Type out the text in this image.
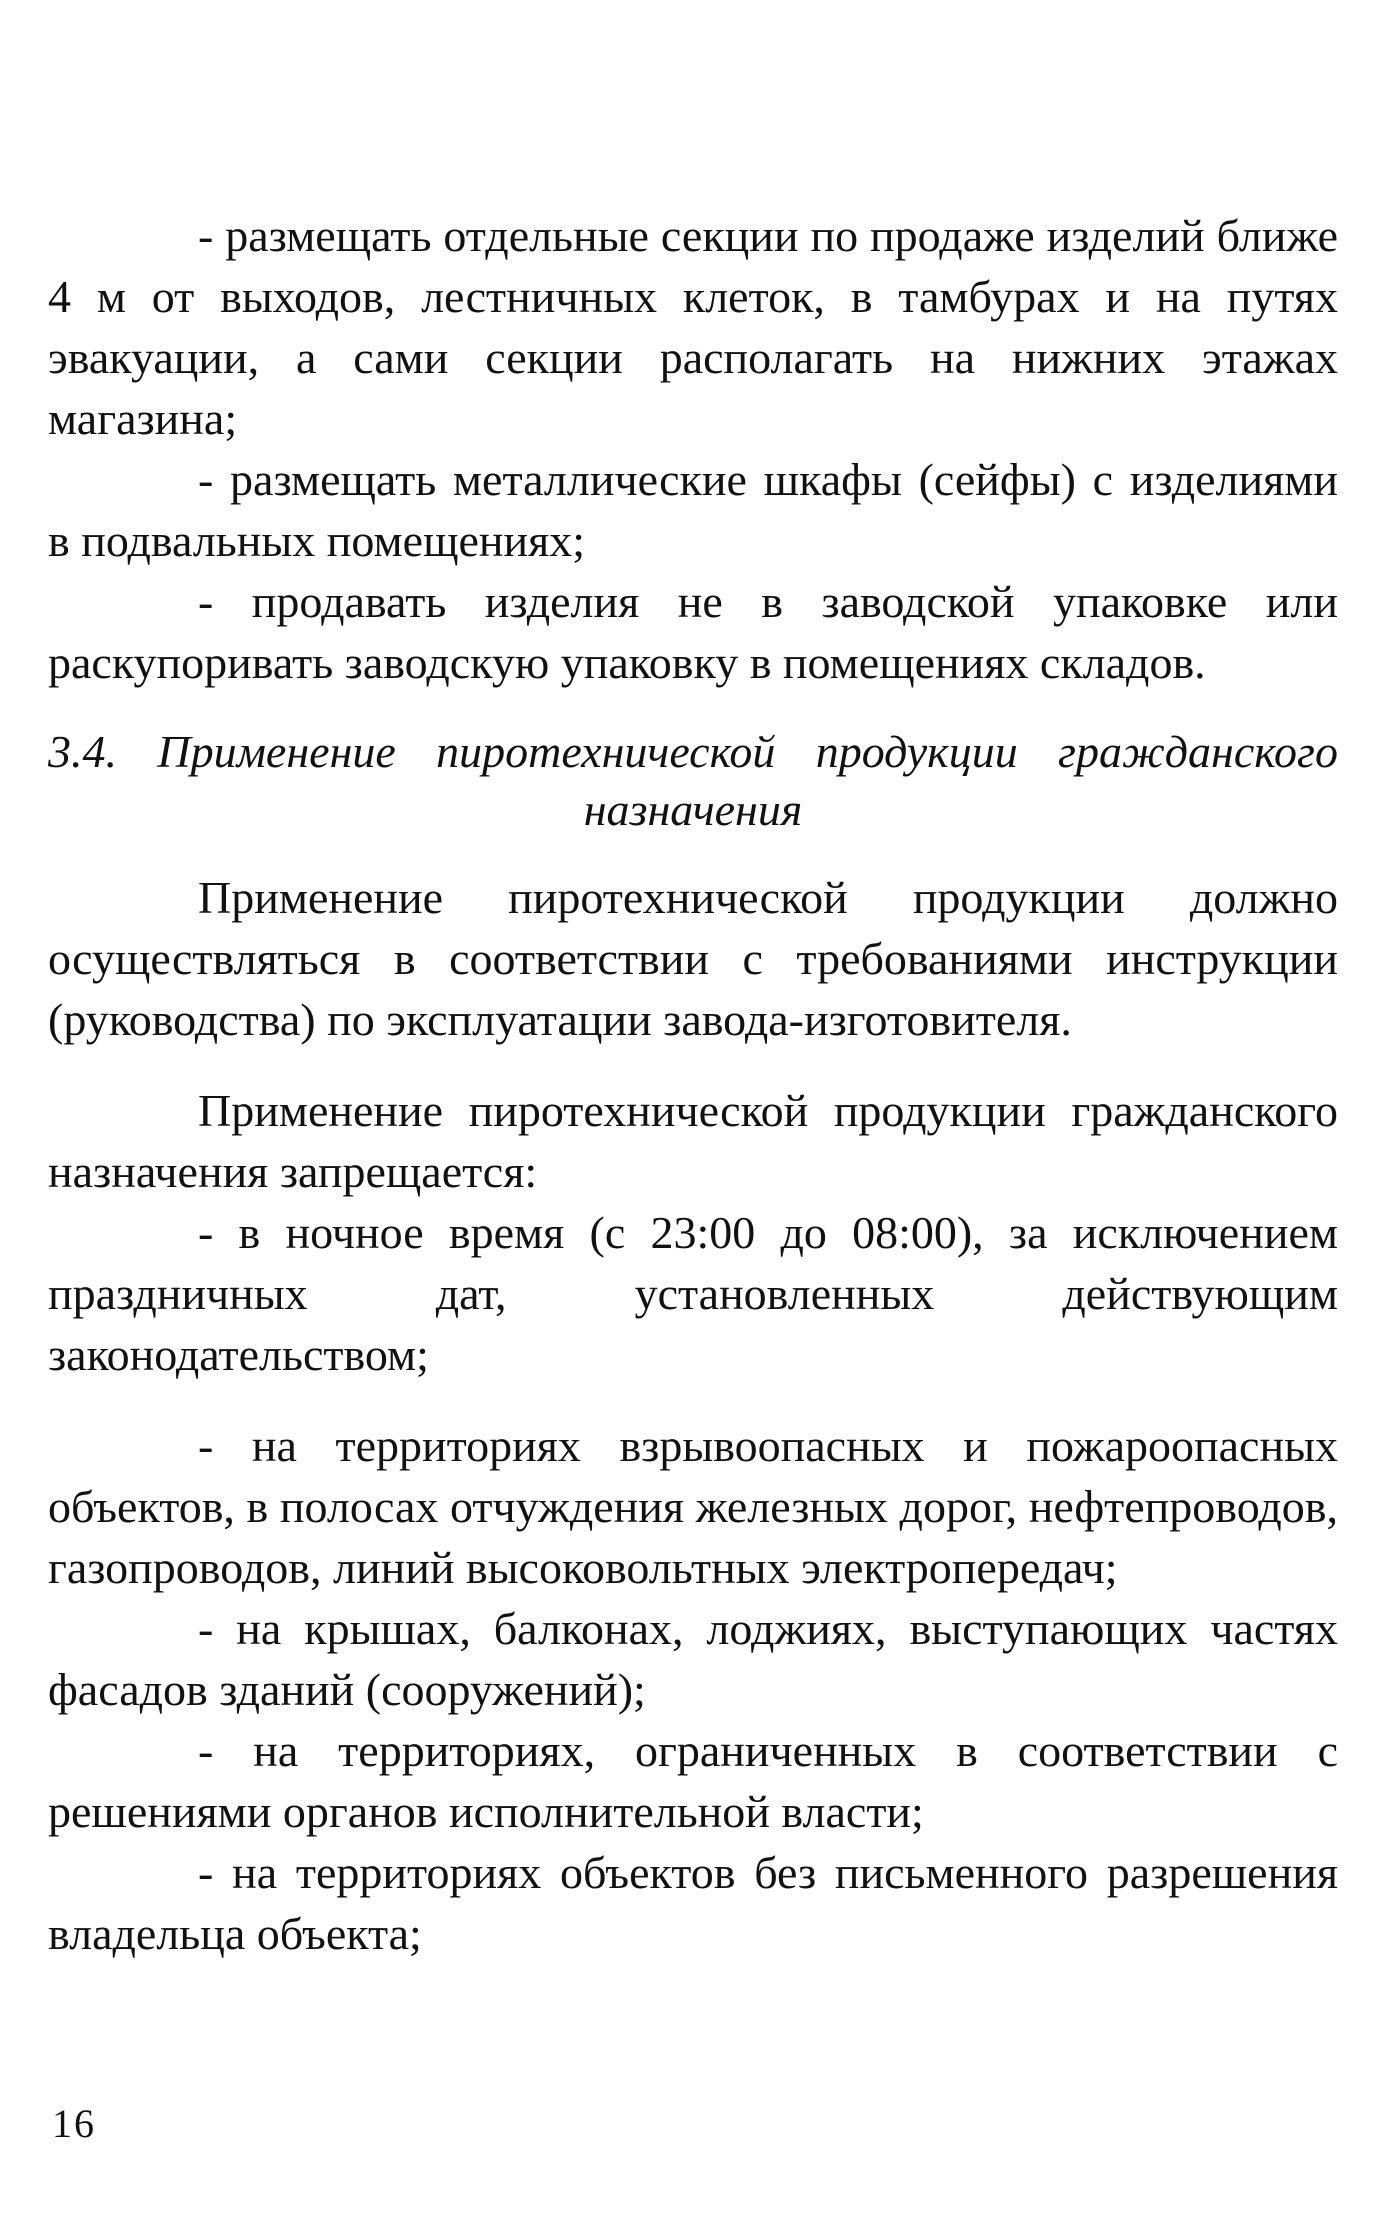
- размещать отдельные секции по продаже изделий ближе 4 м от выходов, лестничных клеток, в тамбурах и на путях эвакуации, а сами секции располагать на нижних этажах магазина;

- размещать металлические шкафы (сейфы) с изделиями в подвальных помещениях;

- продавать изделия не в заводской упаковке или раскупоривать заводскую упаковку в помещениях складов.

3.4. Применение пиротехнической продукции гражданского
назначения

Применение пиротехнической продукции должно осуществляться в соответствии с требованиями инструкции (руководства) по эксплуатации завода-изготовителя.

Применение пиротехнической продукции гражданского назначения запрещается:

- в ночное время (с 23:00 до 08:00), за исключением праздничных дат, установленных действующим законодательством;

- на территориях взрывоопасных и пожароопасных объектов, в полосах отчуждения железных дорог, нефтепроводов, газопроводов, линий высоковольтных электропередач;

- на крышах, балконах, лоджиях, выступающих частях фасадов зданий (сооружений);

- на территориях, ограниченных в соответствии с решениями органов исполнительной власти;

- на территориях объектов без письменного разрешения владельца объекта;

16
